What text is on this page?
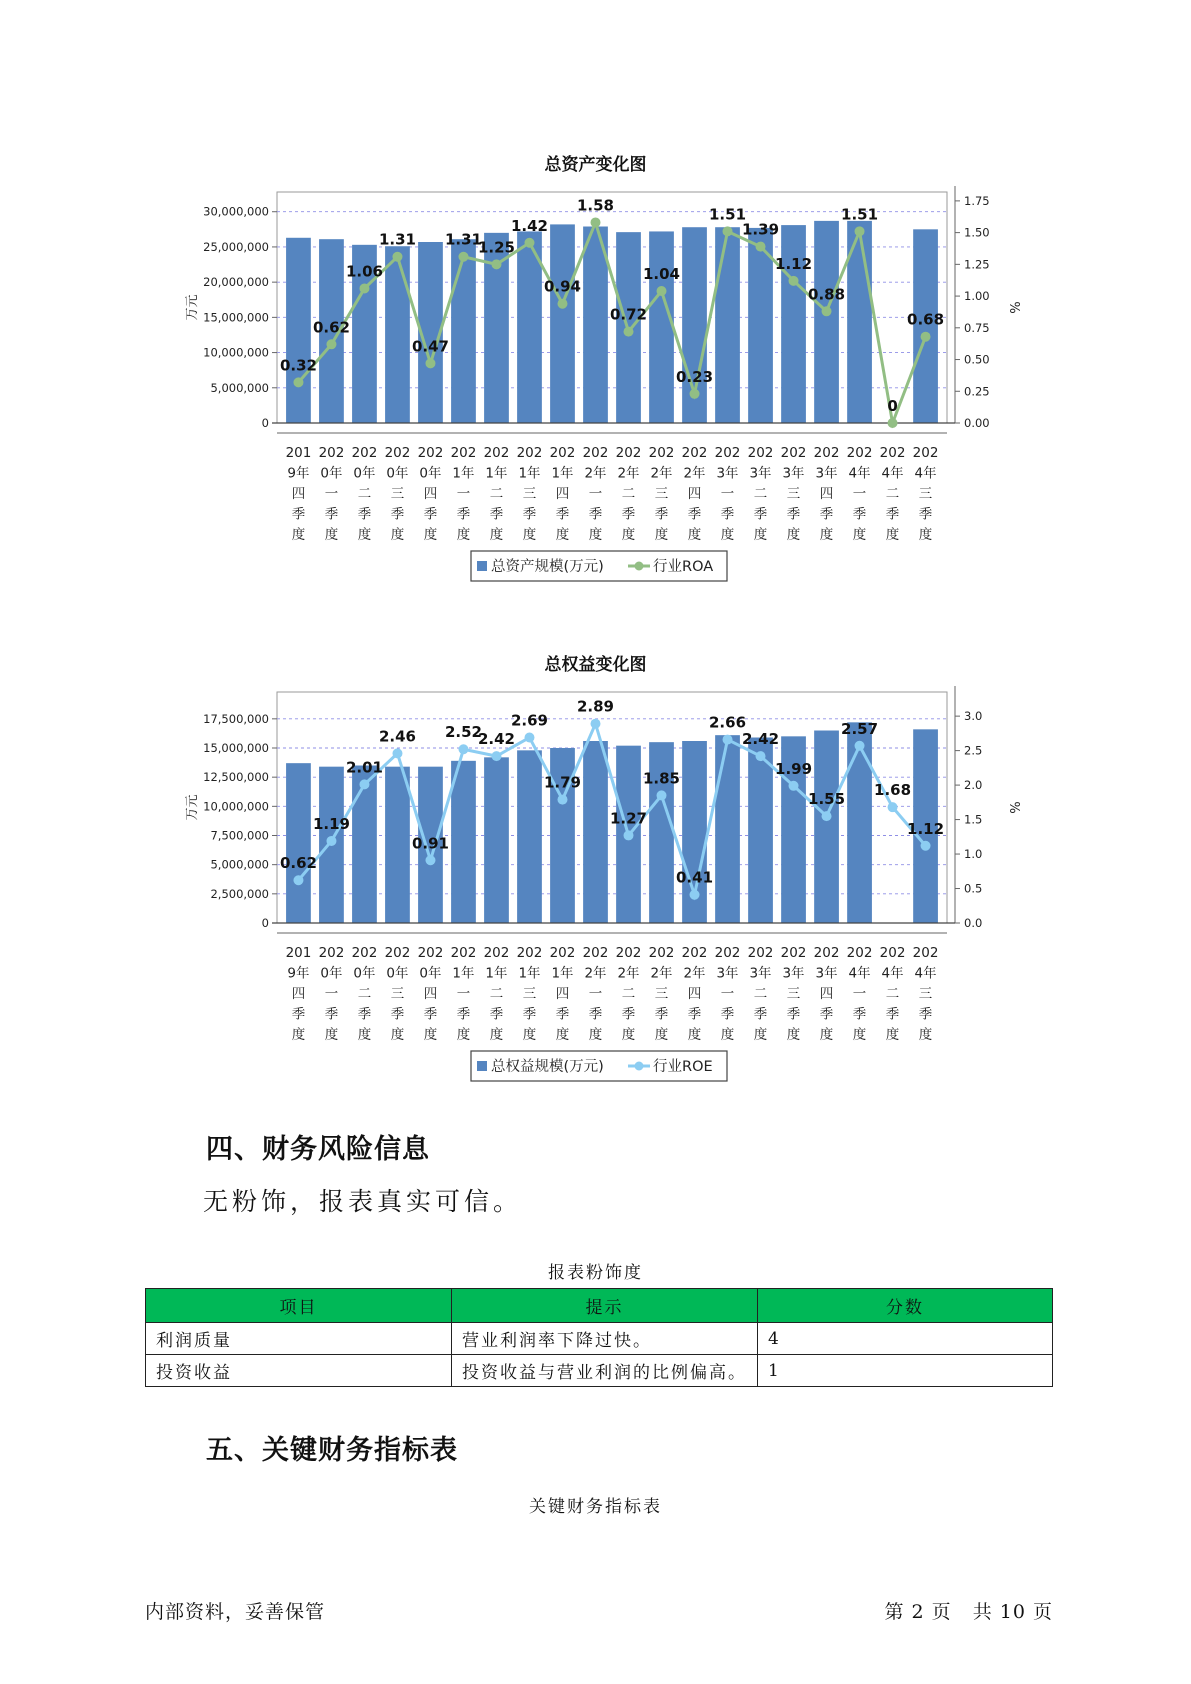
总资产变化图
0
5,000,000
10,000,000
15,000,000
20,000,000
25,000,000
30,000,000
0.00
0.25
0.50
0.75
1.00
1.25
1.50
1.75
万元	%
0.32
0.62
1.06
1.31
0.47
1.31
1.25
1.42
0.94
1.58
0.72
1.04
0.23
1.51
1.39
1.12
0.88
1.51
0
0.68
201
9年
四
季
度
202
0年
一
季
度
202
0年
二
季
度
202
0年
三
季
度
202
0年
四
季
度
202
1年
一
季
度
202
1年
二
季
度
202
1年
三
季
度
202
1年
四
季
度
202
2年
一
季
度
202
2年
二
季
度
202
2年
三
季
度
202
2年
四
季
度
202
3年
一
季
度
202
3年
二
季
度
202
3年
三
季
度
202
3年
四
季
度
202
4年
一
季
度
202
4年
二
季
度
202
4年
三
季
度
总资产规模(万元)	行业ROA
总权益变化图
0
2,500,000
5,000,000
7,500,000
10,000,000
12,500,000
15,000,000
17,500,000
0.0
0.5
1.0
1.5
2.0
2.5
3.0
万元	%
0.62
1.19
2.01
2.46
0.91
2.52
2.42
2.69
1.79
2.89
1.27
1.85
0.41
2.66
2.42
1.99
1.55
2.57
1.68
1.12
201
9年
四
季
度
202
0年
一
季
度
202
0年
二
季
度
202
0年
三
季
度
202
0年
四
季
度
202
1年
一
季
度
202
1年
二
季
度
202
1年
三
季
度
202
1年
四
季
度
202
2年
一
季
度
202
2年
二
季
度
202
2年
三
季
度
202
2年
四
季
度
202
3年
一
季
度
202
3年
二
季
度
202
3年
三
季
度
202
3年
四
季
度
202
4年
一
季
度
202
4年
二
季
度
202
4年
三
季
度
总权益规模(万元)	行业ROE
四、财务风险信息
无粉饰，报表真实可信。
报表粉饰度
项目	提示	分数
利润质量	营业利润率下降过快。	4
投资收益	投资收益与营业利润的比例偏高。	1
五、关键财务指标表
关键财务指标表
内部资料，妥善保管	第 2 页   共 10 页
